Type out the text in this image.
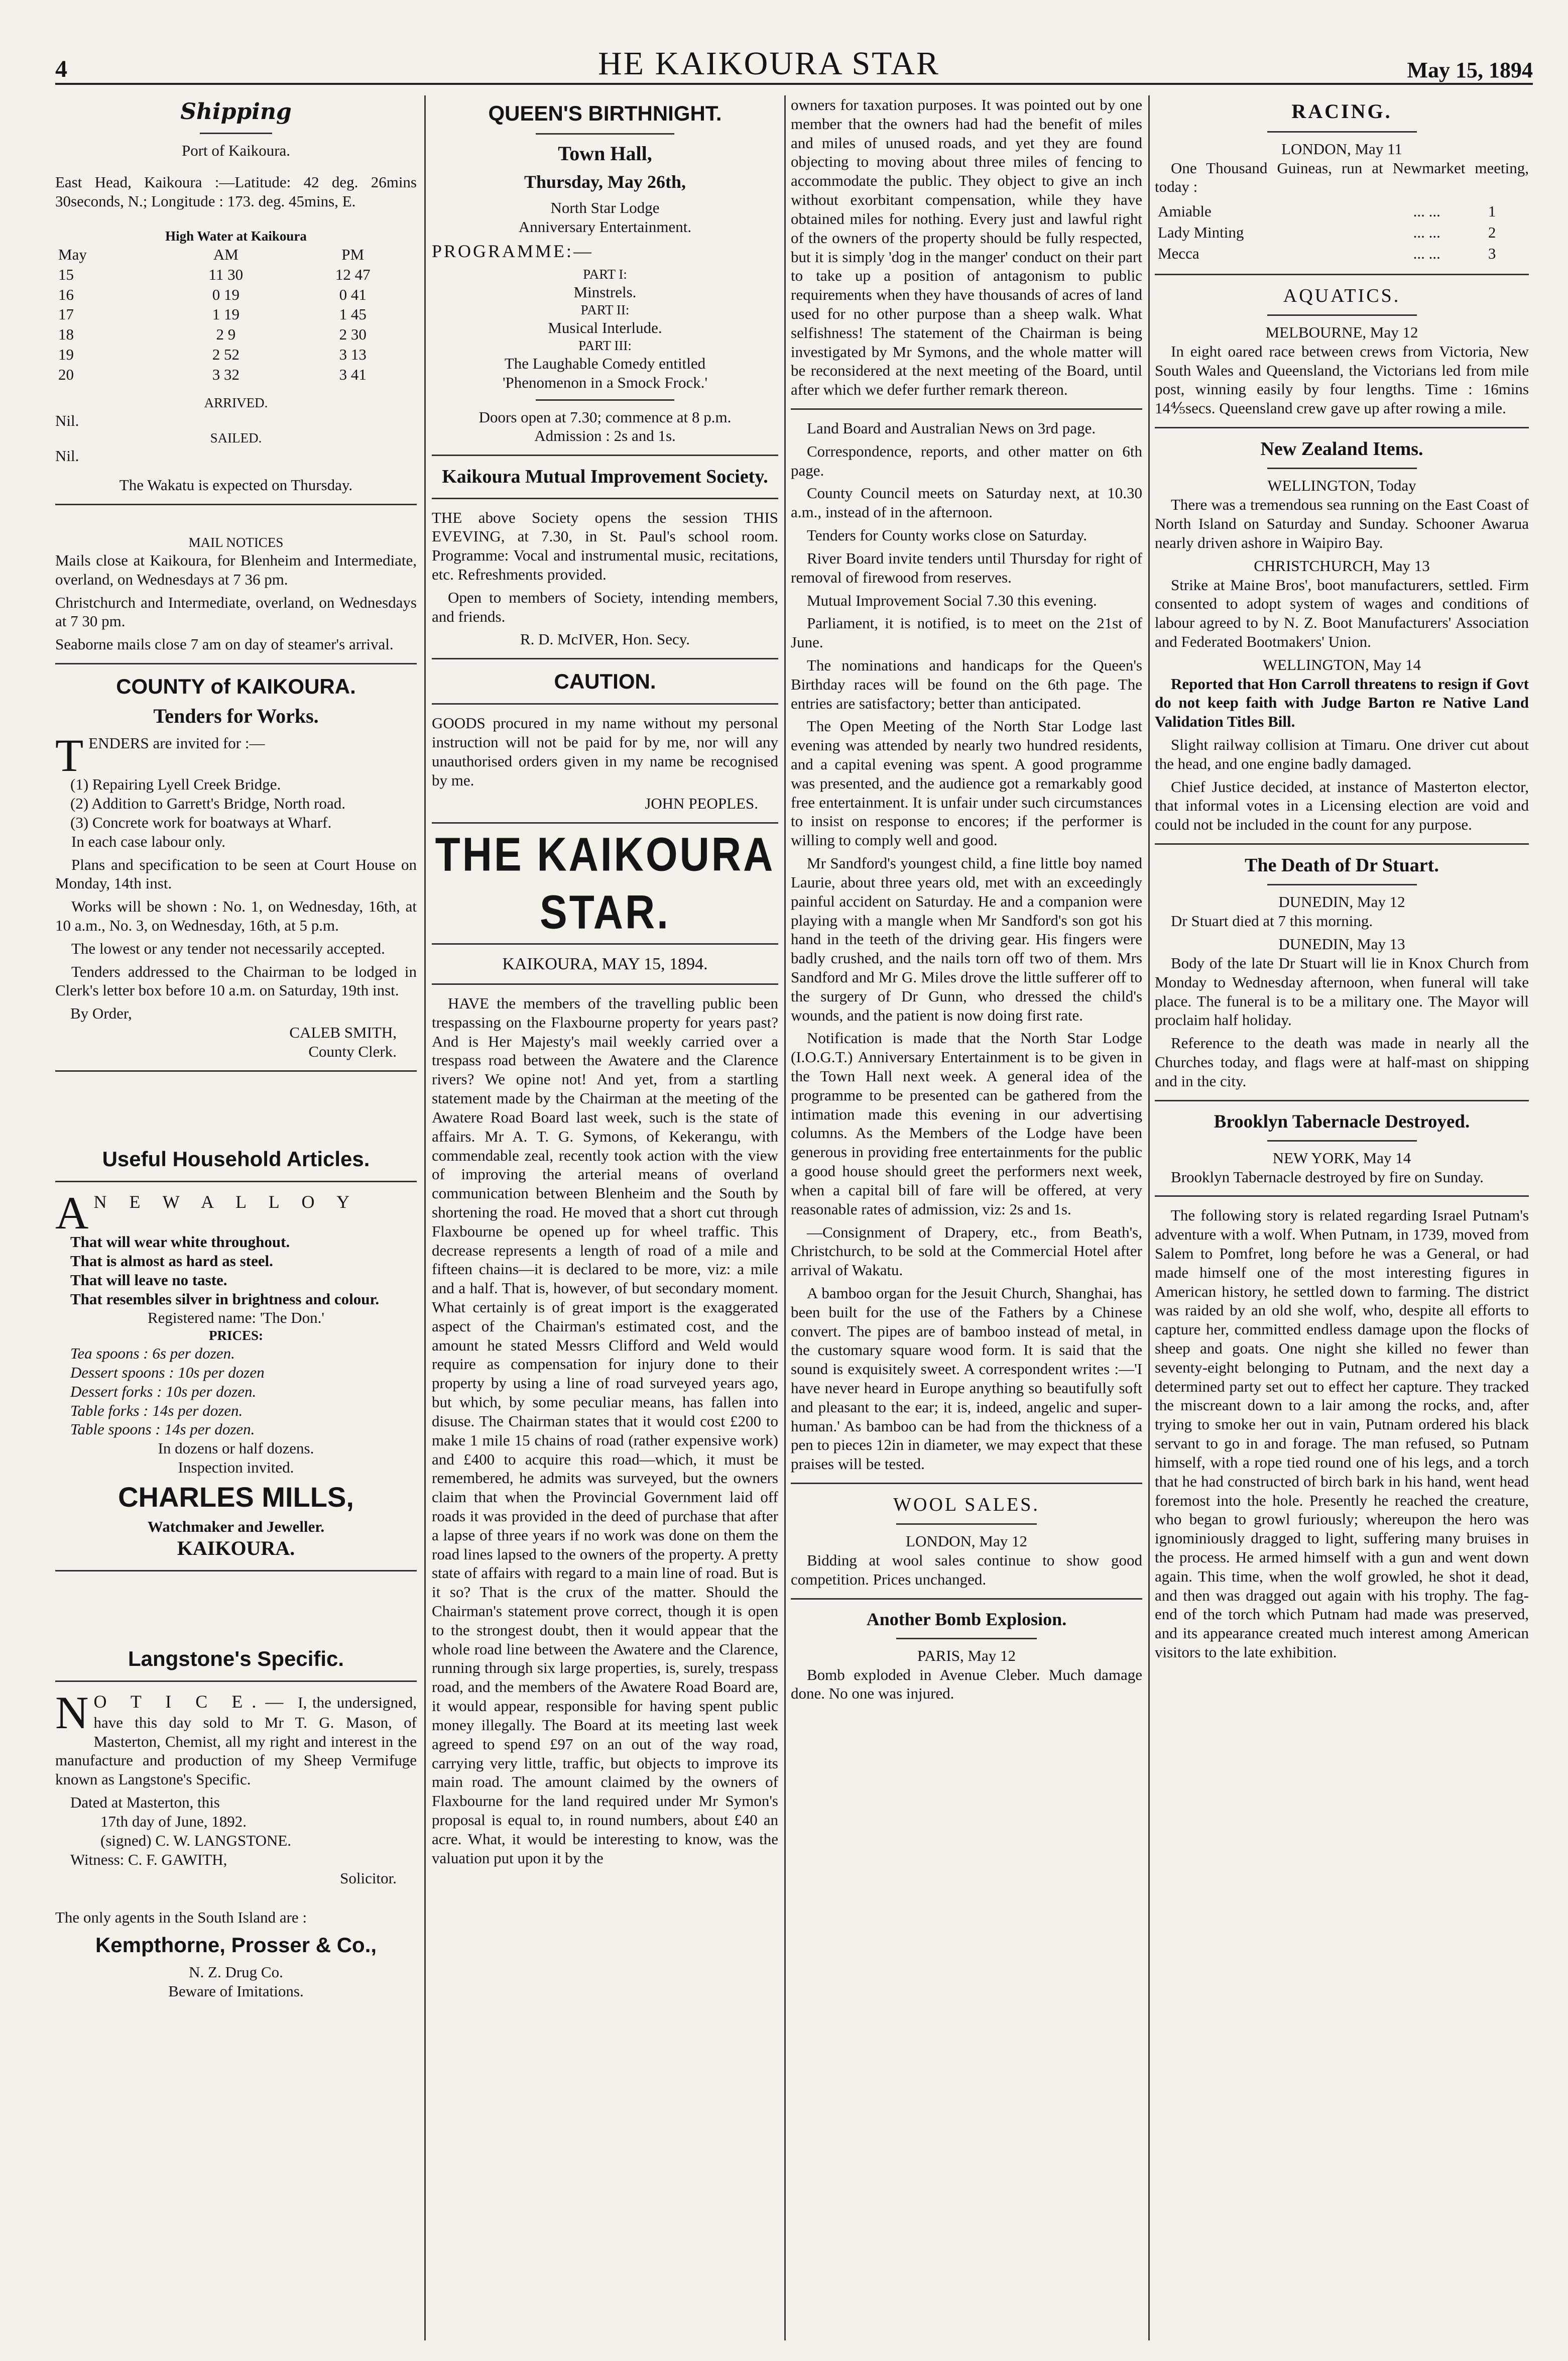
4	HE KAIKOURA STAR	May 15, 1894
Shipping
Port of Kaikoura.
East Head, Kaikoura :—Latitude: 42 deg. 26mins 30seconds, N.; Longitude : 173. deg. 45mins, E.
High Water at Kaikoura
May	AM	PM
15	11 30	12 47
16	0 19	0 41
17	1 19	1 45
18	2 9	2 30
19	2 52	3 13
20	3 32	3 41
ARRIVED.
Nil.
SAILED.
Nil.
The Wakatu is expected on Thursday.
MAIL NOTICES
Mails close at Kaikoura, for Blenheim and Intermediate, overland, on Wednesdays at 7 36 pm.
Christchurch and Intermediate, overland, on Wednesdays at 7 30 pm.
Seaborne mails close 7 am on day of steamer's arrival.
COUNTY of KAIKOURA.
Tenders for Works.
TENDERS are invited for :—
(1) Repairing Lyell Creek Bridge.
(2) Addition to Garrett's Bridge, North road.
(3) Concrete work for boatways at Wharf.
In each case labour only.
Plans and specification to be seen at Court House on Monday, 14th inst.
Works will be shown : No. 1, on Wednesday, 16th, at 10 a.m., No. 3, on Wednesday, 16th, at 5 p.m.
The lowest or any tender not necessarily accepted.
Tenders addressed to the Chairman to be lodged in Clerk's letter box before 10 a.m. on Saturday, 19th inst.
By Order,
CALEB SMITH,
County Clerk.
Useful Household Articles.
A N E W A L L O Y
That will wear white throughout.
That is almost as hard as steel.
That will leave no taste.
That resembles silver in brightness and colour.
Registered name: 'The Don.'
PRICES:
Tea spoons : 6s per dozen.
Dessert spoons : 10s per dozen
Dessert forks : 10s per dozen.
Table forks : 14s per dozen.
Table spoons : 14s per dozen.
In dozens or half dozens.
Inspection invited.
CHARLES MILLS,
Watchmaker and Jeweller.
KAIKOURA.
Langstone's Specific.
N O T I C E.— I, the undersigned, have this day sold to Mr T. G. Mason, of Masterton, Chemist, all my right and interest in the manufacture and production of my Sheep Vermifuge known as Langstone's Specific.
Dated at Masterton, this
17th day of June, 1892.
(signed) C. W. LANGSTONE.
Witness: C. F. GAWITH,
Solicitor.
The only agents in the South Island are :
Kempthorne, Prosser & Co.,
N. Z. Drug Co.
Beware of Imitations.
QUEEN'S BIRTHNIGHT.
Town Hall,
Thursday, May 26th,
North Star Lodge
Anniversary Entertainment.
PROGRAMME:—
PART I:
Minstrels.
PART II:
Musical Interlude.
PART III:
The Laughable Comedy entitled
'Phenomenon in a Smock Frock.'
Doors open at 7.30; commence at 8 p.m.
Admission : 2s and 1s.
Kaikoura Mutual Improvement Society.
THE above Society opens the session THIS EVEVING, at 7.30, in St. Paul's school room. Programme: Vocal and instrumental music, recitations, etc. Refreshments provided.
Open to members of Society, intending members, and friends.
R. D. McIVER, Hon. Secy.
CAUTION.
GOODS procured in my name without my personal instruction will not be paid for by me, nor will any unauthorised orders given in my name be recognised by me.
JOHN PEOPLES.
THE KAIKOURA STAR.
KAIKOURA, MAY 15, 1894.
HAVE the members of the travelling public been trespassing on the Flaxbourne property for years past? And is Her Majesty's mail weekly carried over a trespass road between the Awatere and the Clarence rivers? We opine not! And yet, from a startling statement made by the Chairman at the meeting of the Awatere Road Board last week, such is the state of affairs. Mr A. T. G. Symons, of Kekerangu, with commendable zeal, recently took action with the view of improving the arterial means of overland communication between Blenheim and the South by shortening the road. He moved that a short cut through Flaxbourne be opened up for wheel traffic. This decrease represents a length of road of a mile and fifteen chains—it is declared to be more, viz: a mile and a half. That is, however, of but secondary moment. What certainly is of great import is the exaggerated aspect of the Chairman's estimated cost, and the amount he stated Messrs Clifford and Weld would require as compensation for injury done to their property by using a line of road surveyed years ago, but which, by some peculiar means, has fallen into disuse. The Chairman states that it would cost £200 to make 1 mile 15 chains of road (rather expensive work) and £400 to acquire this road—which, it must be remembered, he admits was surveyed, but the owners claim that when the Provincial Government laid off roads it was provided in the deed of purchase that after a lapse of three years if no work was done on them the road lines lapsed to the owners of the property. A pretty state of affairs with regard to a main line of road. But is it so? That is the crux of the matter. Should the Chairman's statement prove correct, though it is open to the strongest doubt, then it would appear that the whole road line between the Awatere and the Clarence, running through six large properties, is, surely, trespass road, and the members of the Awatere Road Board are, it would appear, responsible for having spent public money illegally. The Board at its meeting last week agreed to spend £97 on an out of the way road, carrying very little, traffic, but objects to improve its main road. The amount claimed by the owners of Flaxbourne for the land required under Mr Symon's proposal is equal to, in round numbers, about £40 an acre. What, it would be interesting to know, was the valuation put upon it by the
owners for taxation purposes. It was pointed out by one member that the owners had had the benefit of miles and miles of unused roads, and yet they are found objecting to moving about three miles of fencing to accommodate the public. They object to give an inch without exorbitant compensation, while they have obtained miles for nothing. Every just and lawful right of the owners of the property should be fully respected, but it is simply 'dog in the manger' conduct on their part to take up a position of antagonism to public requirements when they have thousands of acres of land used for no other purpose than a sheep walk. What selfishness! The statement of the Chairman is being investigated by Mr Symons, and the whole matter will be reconsidered at the next meeting of the Board, until after which we defer further remark thereon.
Land Board and Australian News on 3rd page.
Correspondence, reports, and other matter on 6th page.
County Council meets on Saturday next, at 10.30 a.m., instead of in the afternoon.
Tenders for County works close on Saturday.
River Board invite tenders until Thursday for right of removal of firewood from reserves.
Mutual Improvement Social 7.30 this evening.
Parliament, it is notified, is to meet on the 21st of June.
The nominations and handicaps for the Queen's Birthday races will be found on the 6th page. The entries are satisfactory; better than anticipated.
The Open Meeting of the North Star Lodge last evening was attended by nearly two hundred residents, and a capital evening was spent. A good programme was presented, and the audience got a remarkably good free entertainment. It is unfair under such circumstances to insist on response to encores; if the performer is willing to comply well and good.
Mr Sandford's youngest child, a fine little boy named Laurie, about three years old, met with an exceedingly painful accident on Saturday. He and a companion were playing with a mangle when Mr Sandford's son got his hand in the teeth of the driving gear. His fingers were badly crushed, and the nails torn off two of them. Mrs Sandford and Mr G. Miles drove the little sufferer off to the surgery of Dr Gunn, who dressed the child's wounds, and the patient is now doing first rate.
Notification is made that the North Star Lodge (I.O.G.T.) Anniversary Entertainment is to be given in the Town Hall next week. A general idea of the programme to be presented can be gathered from the intimation made this evening in our advertising columns. As the Members of the Lodge have been generous in providing free entertainments for the public a good house should greet the performers next week, when a capital bill of fare will be offered, at very reasonable rates of admission, viz: 2s and 1s.
—Consignment of Drapery, etc., from Beath's, Christchurch, to be sold at the Commercial Hotel after arrival of Wakatu.
A bamboo organ for the Jesuit Church, Shanghai, has been built for the use of the Fathers by a Chinese convert. The pipes are of bamboo instead of metal, in the customary square wood form. It is said that the sound is exquisitely sweet. A correspondent writes :—'I have never heard in Europe anything so beautifully soft and pleasant to the ear; it is, indeed, angelic and super-human.' As bamboo can be had from the thickness of a pen to pieces 12in in diameter, we may expect that these praises will be tested.
WOOL SALES.
LONDON, May 12
Bidding at wool sales continue to show good competition. Prices unchanged.
Another Bomb Explosion.
PARIS, May 12
Bomb exploded in Avenue Cleber. Much damage done. No one was injured.
RACING.
LONDON, May 11
One Thousand Guineas, run at Newmarket meeting, today :
Amiable	... ...	1
Lady Minting	... ...	2
Mecca	... ...	3
AQUATICS.
MELBOURNE, May 12
In eight oared race between crews from Victoria, New South Wales and Queensland, the Victorians led from mile post, winning easily by four lengths. Time : 16mins 14⅘secs. Queensland crew gave up after rowing a mile.
New Zealand Items.
WELLINGTON, Today
There was a tremendous sea running on the East Coast of North Island on Saturday and Sunday. Schooner Awarua nearly driven ashore in Waipiro Bay.
CHRISTCHURCH, May 13
Strike at Maine Bros', boot manufacturers, settled. Firm consented to adopt system of wages and conditions of labour agreed to by N. Z. Boot Manufacturers' Association and Federated Bootmakers' Union.
WELLINGTON, May 14
Reported that Hon Carroll threatens to resign if Govt do not keep faith with Judge Barton re Native Land Validation Titles Bill.
Slight railway collision at Timaru. One driver cut about the head, and one engine badly damaged.
Chief Justice decided, at instance of Masterton elector, that informal votes in a Licensing election are void and could not be included in the count for any purpose.
The Death of Dr Stuart.
DUNEDIN, May 12
Dr Stuart died at 7 this morning.
DUNEDIN, May 13
Body of the late Dr Stuart will lie in Knox Church from Monday to Wednesday afternoon, when funeral will take place. The funeral is to be a military one. The Mayor will proclaim half holiday.
Reference to the death was made in nearly all the Churches today, and flags were at half-mast on shipping and in the city.
Brooklyn Tabernacle Destroyed.
NEW YORK, May 14
Brooklyn Tabernacle destroyed by fire on Sunday.
The following story is related regarding Israel Putnam's adventure with a wolf. When Putnam, in 1739, moved from Salem to Pomfret, long before he was a General, or had made himself one of the most interesting figures in American history, he settled down to farming. The district was raided by an old she wolf, who, despite all efforts to capture her, committed endless damage upon the flocks of sheep and goats. One night she killed no fewer than seventy-eight belonging to Putnam, and the next day a determined party set out to effect her capture. They tracked the miscreant down to a lair among the rocks, and, after trying to smoke her out in vain, Putnam ordered his black servant to go in and forage. The man refused, so Putnam himself, with a rope tied round one of his legs, and a torch that he had constructed of birch bark in his hand, went head foremost into the hole. Presently he reached the creature, who began to growl furiously; whereupon the hero was ignominiously dragged to light, suffering many bruises in the process. He armed himself with a gun and went down again. This time, when the wolf growled, he shot it dead, and then was dragged out again with his trophy. The fag-end of the torch which Putnam had made was preserved, and its appearance created much interest among American visitors to the late exhibition.
